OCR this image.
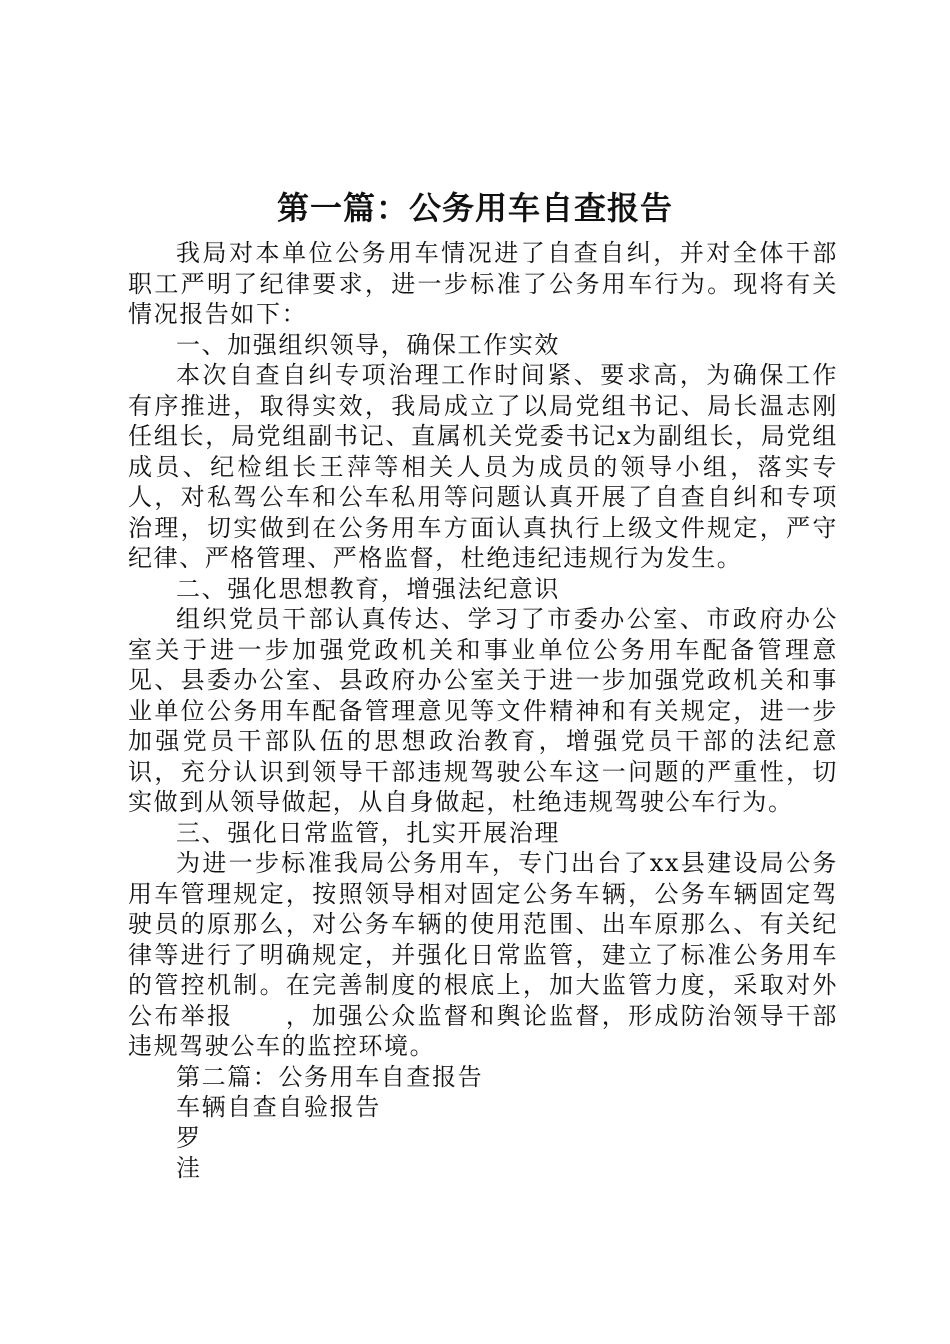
第一篇：公务用车自查报告

我局对本单位公务用车情况进了自查自纠，并对全体干部职工严明了纪律要求，进一步标准了公务用车行为。现将有关情况报告如下：

一、加强组织领导，确保工作实效

本次自查自纠专项治理工作时间紧、要求高，为确保工作有序推进，取得实效，我局成立了以局党组书记、局长温志刚任组长，局党组副书记、直属机关党委书记x为副组长，局党组成员、纪检组长王萍等相关人员为成员的领导小组，落实专人，对私驾公车和公车私用等问题认真开展了自查自纠和专项治理，切实做到在公务用车方面认真执行上级文件规定，严守纪律、严格管理、严格监督，杜绝违纪违规行为发生。

二、强化思想教育，增强法纪意识

组织党员干部认真传达、学习了市委办公室、市政府办公室关于进一步加强党政机关和事业单位公务用车配备管理意见、县委办公室、县政府办公室关于进一步加强党政机关和事业单位公务用车配备管理意见等文件精神和有关规定，进一步加强党员干部队伍的思想政治教育，增强党员干部的法纪意识，充分认识到领导干部违规驾驶公车这一问题的严重性，切实做到从领导做起，从自身做起，杜绝违规驾驶公车行为。

三、强化日常监管，扎实开展治理

为进一步标准我局公务用车，专门出台了xx县建设局公务用车管理规定，按照领导相对固定公务车辆，公务车辆固定驾驶员的原那么，对公务车辆的使用范围、出车原那么、有关纪律等进行了明确规定，并强化日常监管，建立了标准公务用车的管控机制。在完善制度的根底上，加大监管力度，采取对外公布举报　　，加强公众监督和舆论监督，形成防治领导干部违规驾驶公车的监控环境。

第二篇：公务用车自查报告

车辆自查自验报告

罗

洼
